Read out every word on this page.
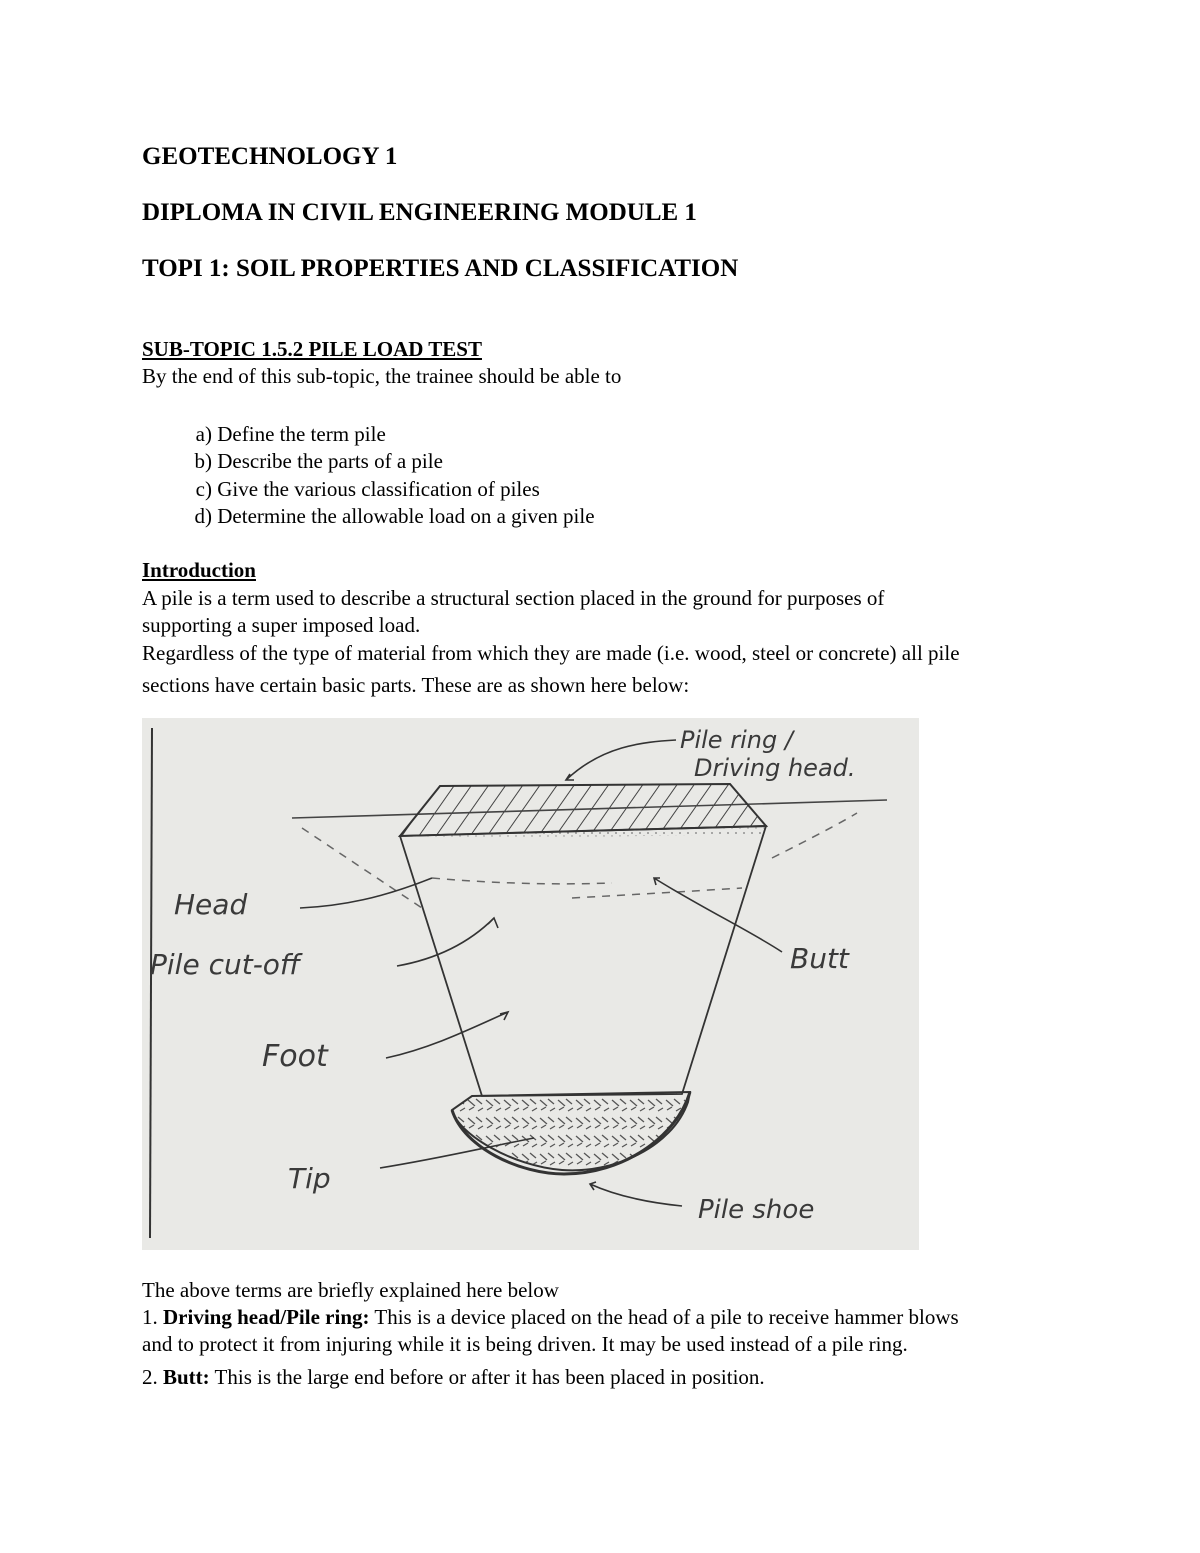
GEOTECHNOLOGY 1
DIPLOMA IN CIVIL ENGINEERING MODULE 1
TOPI 1: SOIL PROPERTIES AND CLASSIFICATION
SUB-TOPIC 1.5.2 PILE LOAD TEST
By the end of this sub-topic, the trainee should be able to
a) Define the term pile
b) Describe the parts of a pile
c) Give the various classification of piles
d) Determine the allowable load on a given pile
Introduction
A pile is a term used to describe a structural section placed in the ground for purposes of
supporting a super imposed load.
Regardless of the type of material from which they are made (i.e. wood, steel or concrete) all pile
sections have certain basic parts. These are as shown here below:
Pile ring /
Driving head.
Head
Pile cut-off	Butt
Foot
Tip
Pile shoe
The above terms are briefly explained here below
1. Driving head/Pile ring: This is a device placed on the head of a pile to receive hammer blows
and to protect it from injuring while it is being driven. It may be used instead of a pile ring.
2. Butt: This is the large end before or after it has been placed in position.
